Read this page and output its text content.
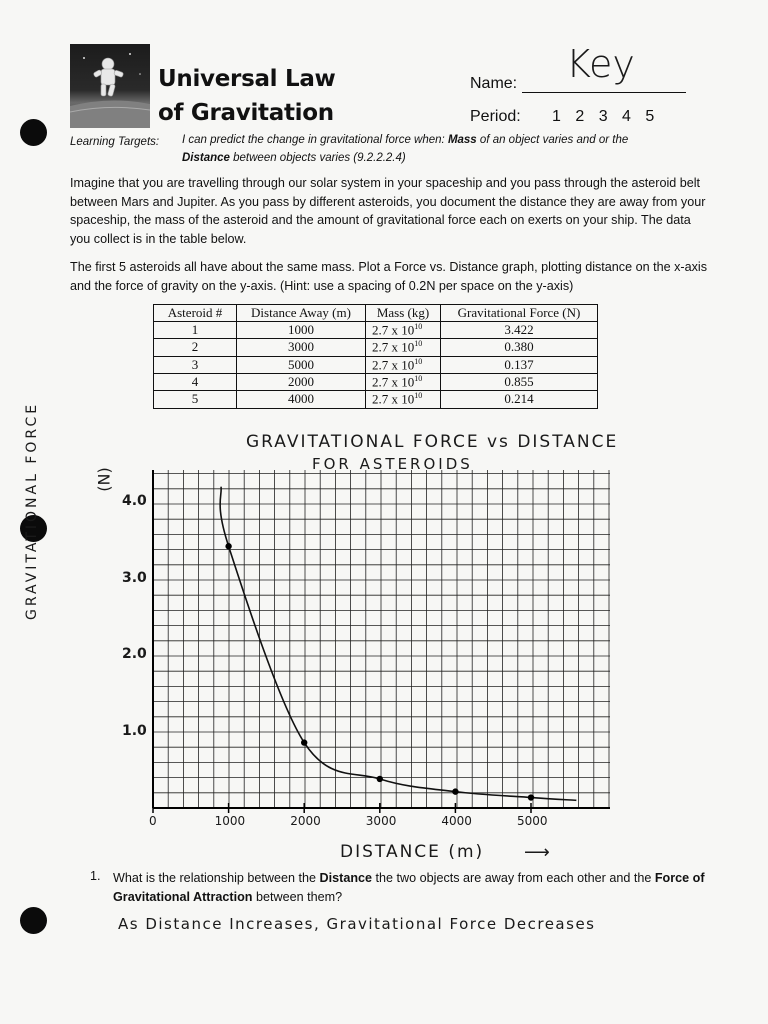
Universal Law
of Gravitation
Name: Key
Period: 1 2 3 4 5
Learning Targets: I can predict the change in gravitational force when: Mass of an object varies and or the
Distance between objects varies (9.2.2.2.4)
Imagine that you are travelling through our solar system in your spaceship and you pass through the asteroid belt between Mars and Jupiter. As you pass by different asteroids, you document the distance they are away from your spaceship, the mass of the asteroid and the amount of gravitational force each on exerts on your ship. The data you collect is in the table below.
The first 5 asteroids all have about the same mass. Plot a Force vs. Distance graph, plotting distance on the x-axis and the force of gravity on the y-axis. (Hint: use a spacing of 0.2N per space on the y-axis)
Asteroid #	Distance Away (m)	Mass (kg)	Gravitational Force (N)
1	1000	2.7 x $10^{10}$	3.422
2	3000	2.7 x $10^{10}$	0.380
3	5000	2.7 x $10^{10}$	0.137
4	2000	2.7 x $10^{10}$	0.855
5	4000	2.7 x $10^{10}$	0.214
GRAVITATIONAL FORCE vs DISTANCE
FOR ASTEROIDS
GRAVITATIONAL FORCE	(N)
1.0
2.0
3.0
4.0
0	1000	2000	3000	4000	5000
DISTANCE (m) ⟶
1. What is the relationship between the Distance the two objects are away from each other and the Force of Gravitational Attraction between them?
As Distance Increases, Gravitational Force Decreases
